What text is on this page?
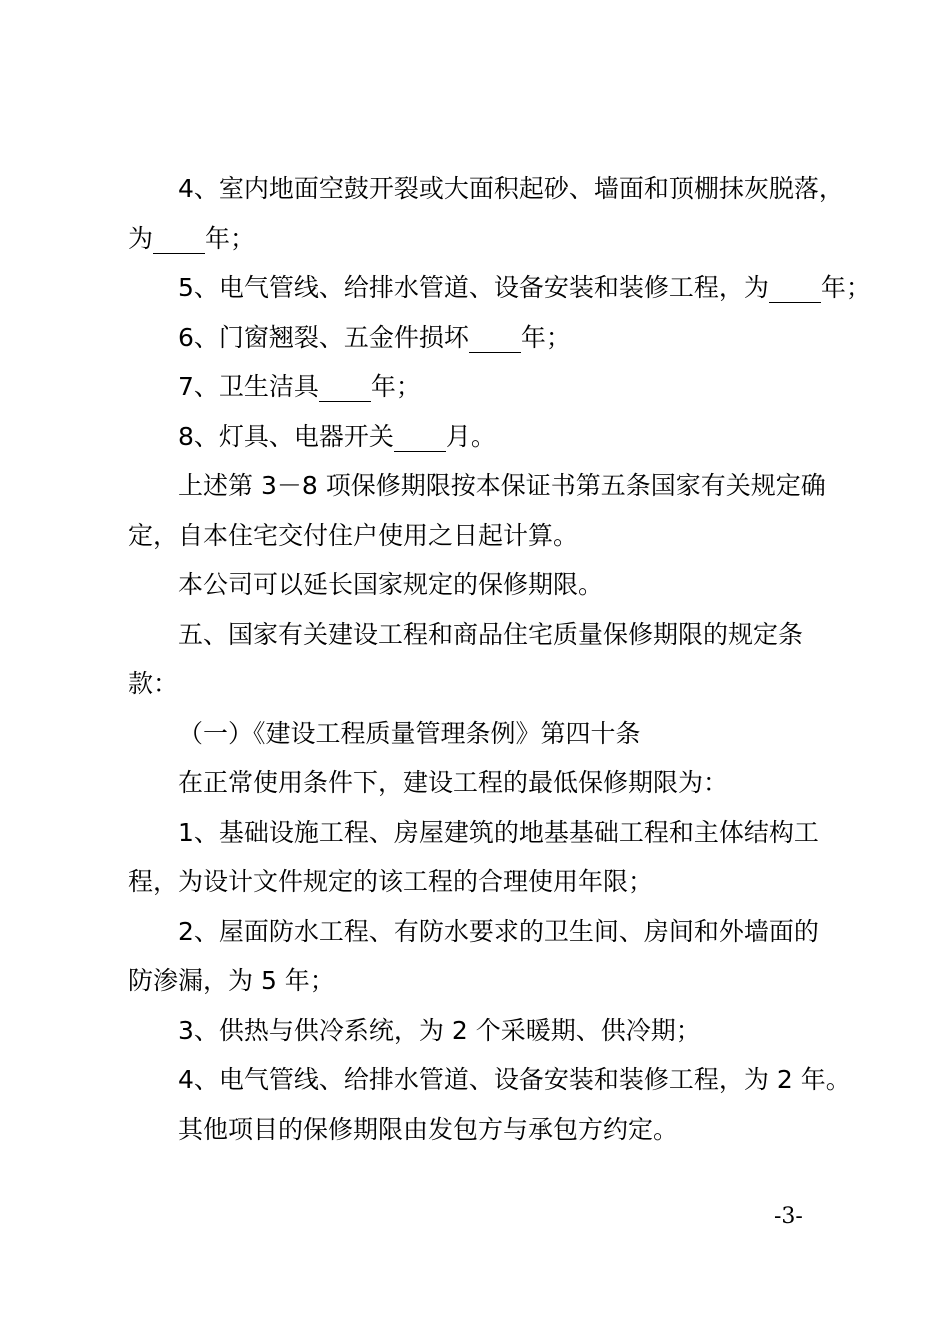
4、室内地面空鼓开裂或大面积起砂、墙面和顶棚抹灰脱落，
为 年；
5、电气管线、给排水管道、设备安装和装修工程，为 年；
6、门窗翘裂、五金件损坏 年；
7、卫生洁具 年；
8、灯具、电器开关 月。
上述第 3－8 项保修期限按本保证书第五条国家有关规定确
定，自本住宅交付住户使用之日起计算。
本公司可以延长国家规定的保修期限。
五、国家有关建设工程和商品住宅质量保修期限的规定条
款：
（一）《建设工程质量管理条例》第四十条
在正常使用条件下，建设工程的最低保修期限为：
1、基础设施工程、房屋建筑的地基基础工程和主体结构工
程，为设计文件规定的该工程的合理使用年限；
2、屋面防水工程、有防水要求的卫生间、房间和外墙面的
防渗漏，为 5 年；
3、供热与供冷系统，为 2 个采暖期、供冷期；
4、电气管线、给排水管道、设备安装和装修工程，为 2 年。
其他项目的保修期限由发包方与承包方约定。
-3-
